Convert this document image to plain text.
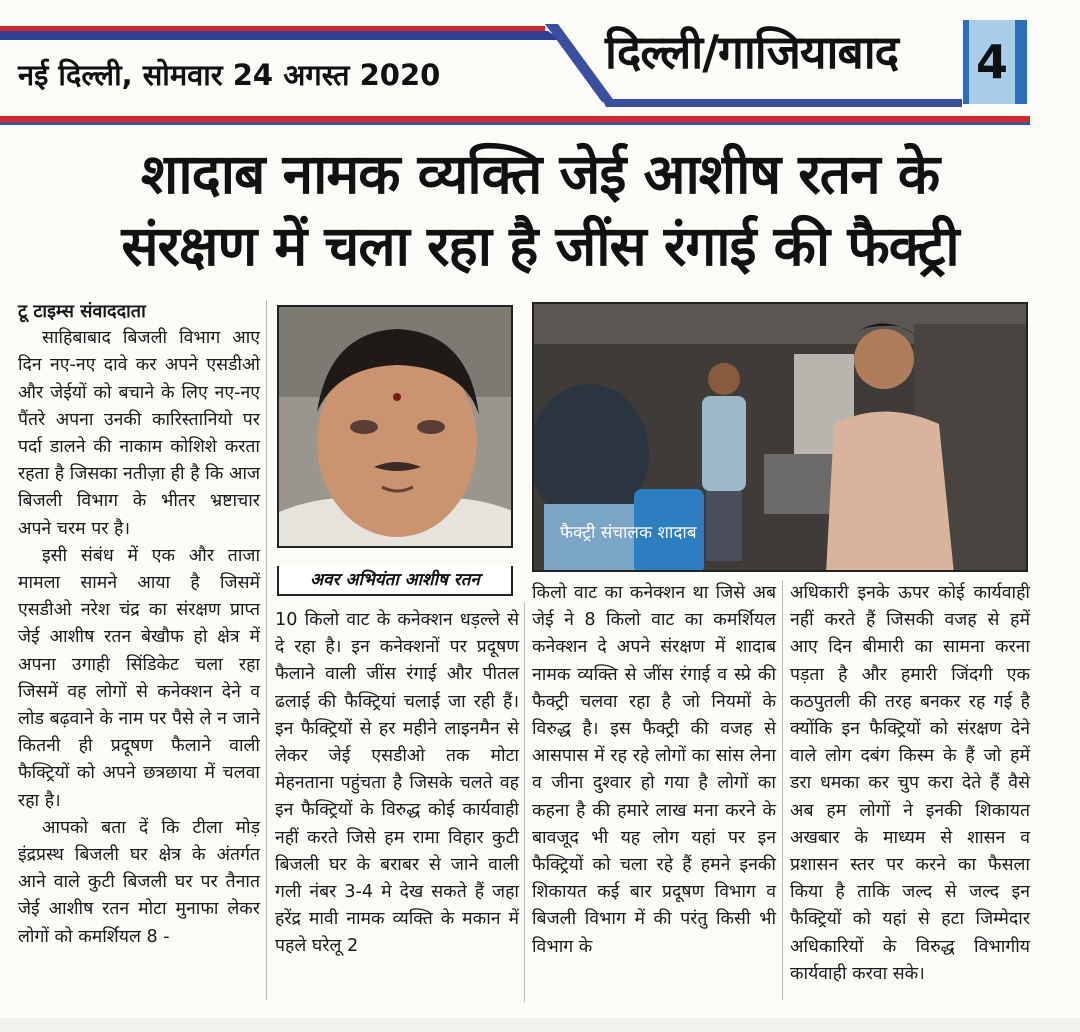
नई दिल्ली, सोमवार 24 अगस्त 2020	दिल्ली/गाजियाबाद	4
शादाब नामक व्यक्ति जेई आशीष रतन के
संरक्षण में चला रहा है जींस रंगाई की फैक्ट्री

टू टाइम्स संवाददाता

साहिबाबाद बिजली विभाग आए दिन नए-नए दावे कर अपने एसडीओ और जेईयों को बचाने के लिए नए-नए पैंतरे अपना उनकी कारिस्तानियो पर पर्दा डालने की नाकाम कोशिशे करता रहता है जिसका नतीज़ा ही है कि आज बिजली विभाग के भीतर भ्रष्टाचार अपने चरम पर है।

इसी संबंध में एक और ताजा मामला सामने आया है जिसमें एसडीओ नरेश चंद्र का संरक्षण प्राप्त जेई आशीष रतन बेखौफ हो क्षेत्र में अपना उगाही सिंडिकेट चला रहा जिसमें वह लोगों से कनेक्शन देने व लोड बढ़वाने के नाम पर पैसे ले न जाने कितनी ही प्रदूषण फैलाने वाली फैक्ट्रियों को अपने छत्रछाया में चलवा रहा है।

आपको बता दें कि टीला मोड़ इंद्रप्रस्थ बिजली घर क्षेत्र के अंतर्गत आने वाले कुटी बिजली घर पर तैनात जेई आशीष रतन मोटा मुनाफा लेकर लोगों को कमर्शियल 8 -

अवर अभियंता आशीष रतन
फैक्ट्री संचालक शादाब

10 किलो वाट के कनेक्शन धड़ल्ले से दे रहा है। इन कनेक्शनों पर प्रदूषण फैलाने वाली जींस रंगाई और पीतल ढलाई की फैक्ट्रियां चलाई जा रही हैं। इन फैक्ट्रियों से हर महीने लाइनमैन से लेकर जेई एसडीओ तक मोटा मेहनताना पहुंचता है जिसके चलते वह इन फैक्ट्रियों के विरुद्ध कोई कार्यवाही नहीं करते जिसे हम रामा विहार कुटी बिजली घर के बराबर से जाने वाली गली नंबर 3-4 मे देख सकते हैं जहा हरेंद्र मावी नामक व्यक्ति के मकान में पहले घरेलू 2

किलो वाट का कनेक्शन था जिसे अब जेई ने 8 किलो वाट का कमर्शियल कनेक्शन दे अपने संरक्षण में शादाब नामक व्यक्ति से जींस रंगाई व स्प्रे की फैक्ट्री चलवा रहा है जो नियमों के विरुद्ध है। इस फैक्ट्री की वजह से आसपास में रह रहे लोगों का सांस लेना व जीना दुश्वार हो गया है लोगों का कहना है की हमारे लाख मना करने के बावजूद भी यह लोग यहां पर इन फैक्ट्रियों को चला रहे हैं हमने इनकी शिकायत कई बार प्रदूषण विभाग व बिजली विभाग में की परंतु किसी भी विभाग के

अधिकारी इनके ऊपर कोई कार्यवाही नहीं करते हैं जिसकी वजह से हमें आए दिन बीमारी का सामना करना पड़ता है और हमारी जिंदगी एक कठपुतली की तरह बनकर रह गई है क्योंकि इन फैक्ट्रियों को संरक्षण देने वाले लोग दबंग किस्म के हैं जो हमें डरा धमका कर चुप करा देते हैं वैसे अब हम लोगों ने इनकी शिकायत अखबार के माध्यम से शासन व प्रशासन स्तर पर करने का फैसला किया है ताकि जल्द से जल्द इन फैक्ट्रियों को यहां से हटा जिम्मेदार अधिकारियों के विरुद्ध विभागीय कार्यवाही करवा सके।
